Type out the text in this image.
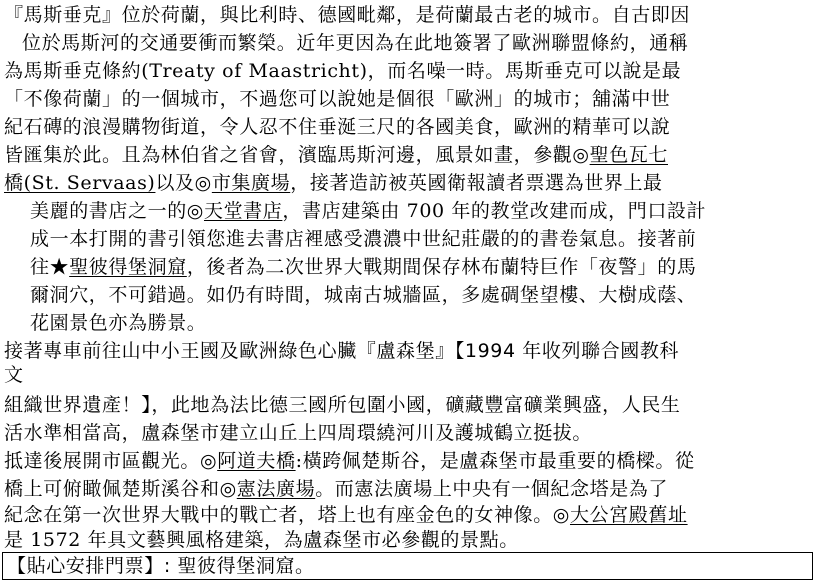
『馬斯垂克』位於荷蘭，與比利時、德國毗鄰，是荷蘭最古老的城市。自古即因
位於馬斯河的交通要衝而繁榮。近年更因為在此地簽署了歐洲聯盟條約，通稱
為馬斯垂克條約(Treaty of Maastricht)，而名噪一時。馬斯垂克可以說是最
「不像荷蘭」的一個城市，不過您可以說她是個很「歐洲」的城市；舖滿中世
紀石磚的浪漫購物街道，令人忍不住垂涎三尺的各國美食，歐洲的精華可以說
皆匯集於此。且為林伯省之省會，濱臨馬斯河邊，風景如畫，參觀◎聖色瓦七
橋(St. Servaas)以及◎市集廣場，接著造訪被英國衛報讀者票選為世界上最
美麗的書店之一的◎天堂書店，書店建築由 700 年的教堂改建而成，門口設計
成一本打開的書引領您進去書店裡感受濃濃中世紀莊嚴的的書卷氣息。接著前
往★聖彼得堡洞窟，後者為二次世界大戰期間保存林布蘭特巨作「夜警」的馬
爾洞穴，不可錯過。如仍有時間，城南古城牆區，多處碉堡望樓、大樹成蔭、
花園景色亦為勝景。
接著專車前往山中小王國及歐洲綠色心臟『盧森堡』【1994 年收列聯合國教科
文
組織世界遺產！】，此地為法比德三國所包圍小國，礦藏豐富礦業興盛，人民生
活水準相當高，盧森堡市建立山丘上四周環繞河川及護城鶴立挺拔。
抵達後展開市區觀光。◎阿道夫橋:橫跨佩楚斯谷，是盧森堡市最重要的橋樑。從
橋上可俯瞰佩楚斯溪谷和◎憲法廣場。而憲法廣場上中央有一個紀念塔是為了
紀念在第一次世界大戰中的戰亡者，塔上也有座金色的女神像。◎大公宮殿舊址
是 1572 年具文藝興風格建築，為盧森堡市必參觀的景點。
【貼心安排門票】: 聖彼得堡洞窟。
